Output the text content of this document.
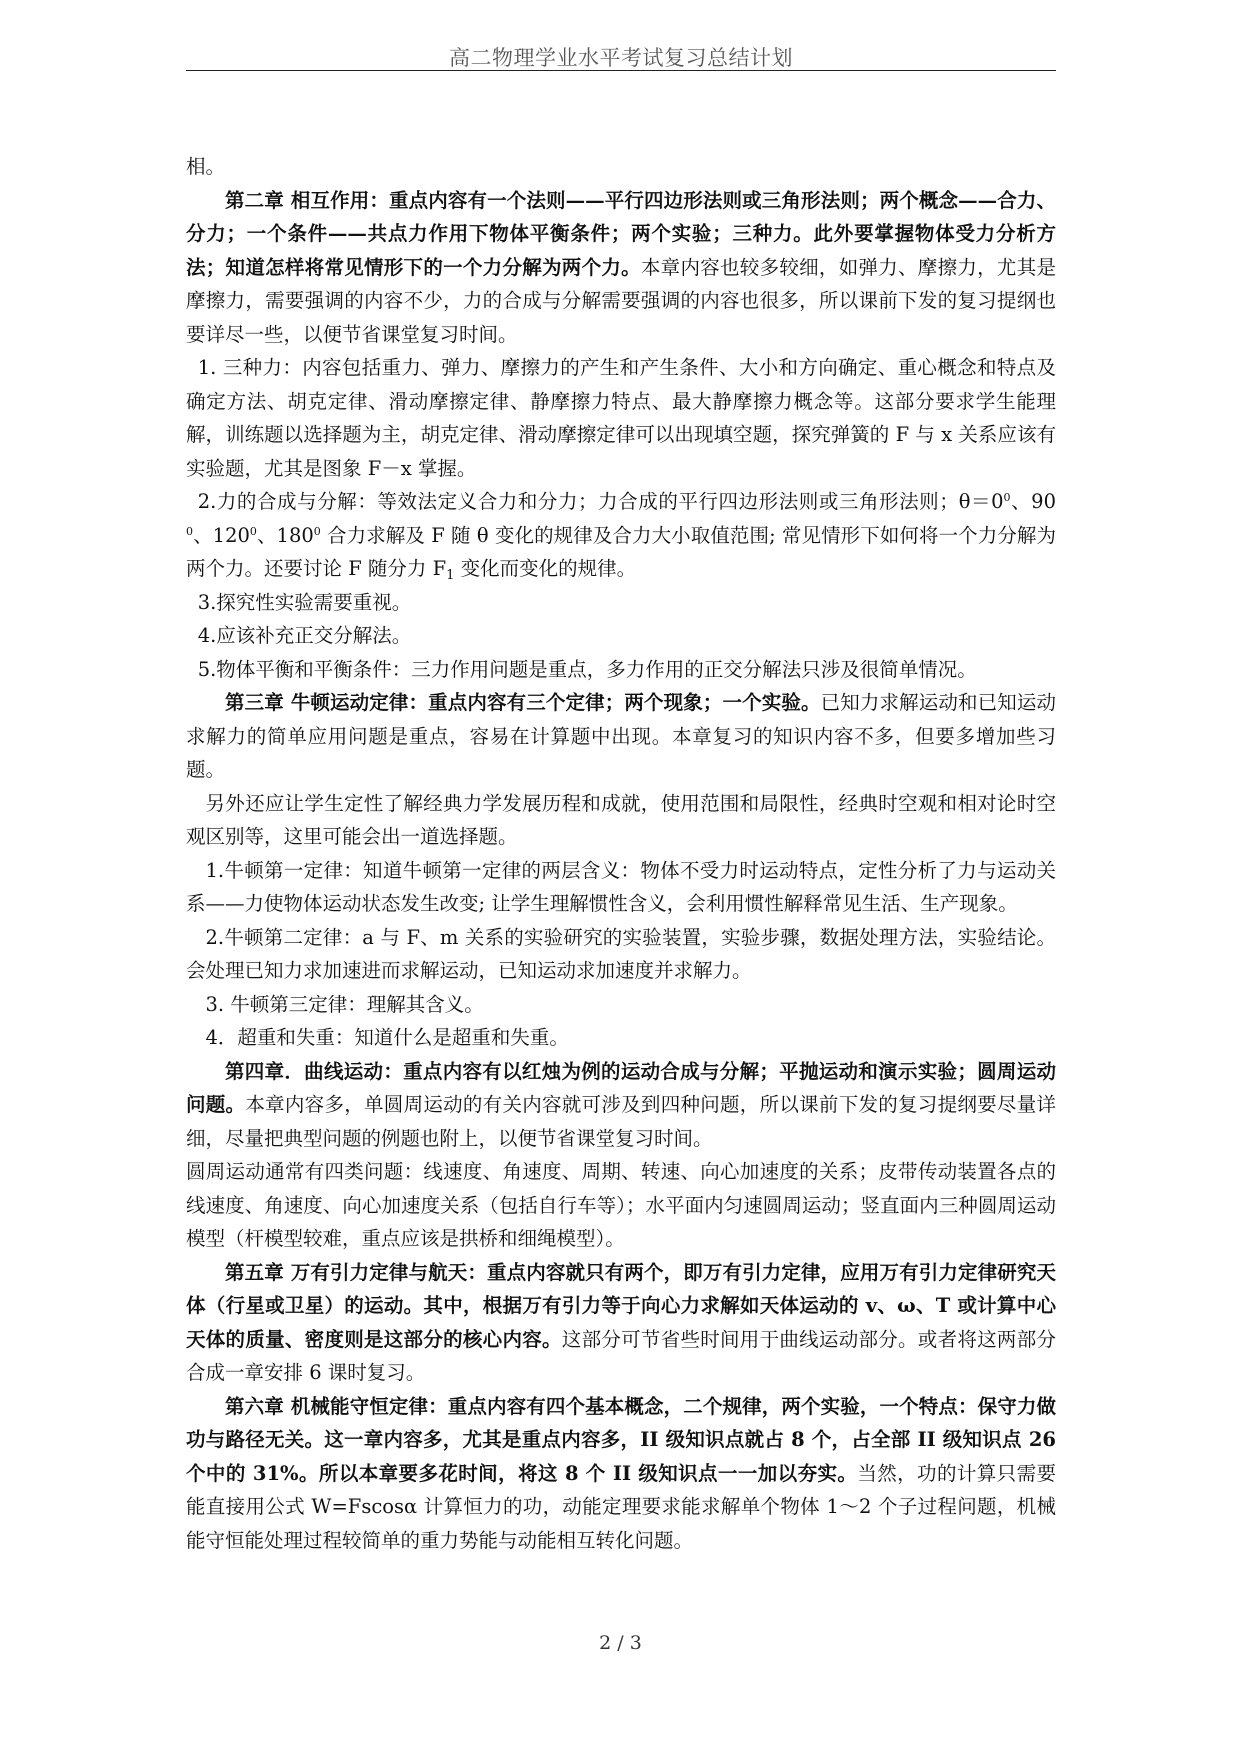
高二物理学业水平考试复习总结计划

相。

第二章 相互作用：重点内容有一个法则——平行四边形法则或三角形法则；两个概念——合力、分力；一个条件——共点力作用下物体平衡条件；两个实验；三种力。此外要掌握物体受力分析方法；知道怎样将常见情形下的一个力分解为两个力。本章内容也较多较细，如弹力、摩擦力，尤其是摩擦力，需要强调的内容不少，力的合成与分解需要强调的内容也很多，所以课前下发的复习提纲也要详尽一些，以便节省课堂复习时间。

1. 三种力：内容包括重力、弹力、摩擦力的产生和产生条件、大小和方向确定、重心概念和特点及确定方法、胡克定律、滑动摩擦定律、静摩擦力特点、最大静摩擦力概念等。这部分要求学生能理解，训练题以选择题为主，胡克定律、滑动摩擦定律可以出现填空题，探究弹簧的 F 与 x 关系应该有实验题，尤其是图象 F－x 掌握。

2.力的合成与分解：等效法定义合力和分力；力合成的平行四边形法则或三角形法则；$\theta=0^0$、$90^0$、$120^0$、$180^0$ 合力求解及 F 随 θ 变化的规律及合力大小取值范围; 常见情形下如何将一个力分解为两个力。还要讨论 F 随分力 $F_1$ 变化而变化的规律。

3.探究性实验需要重视。

4.应该补充正交分解法。

5.物体平衡和平衡条件：三力作用问题是重点，多力作用的正交分解法只涉及很简单情况。

第三章 牛顿运动定律：重点内容有三个定律；两个现象；一个实验。已知力求解运动和已知运动求解力的简单应用问题是重点，容易在计算题中出现。本章复习的知识内容不多，但要多增加些习题。

另外还应让学生定性了解经典力学发展历程和成就，使用范围和局限性，经典时空观和相对论时空观区别等，这里可能会出一道选择题。

1.牛顿第一定律：知道牛顿第一定律的两层含义：物体不受力时运动特点，定性分析了力与运动关系——力使物体运动状态发生改变; 让学生理解惯性含义，会利用惯性解释常见生活、生产现象。

2.牛顿第二定律：a 与 F、m 关系的实验研究的实验装置，实验步骤，数据处理方法，实验结论。会处理已知力求加速进而求解运动，已知运动求加速度并求解力。

3. 牛顿第三定律：理解其含义。

4．超重和失重：知道什么是超重和失重。

第四章．曲线运动：重点内容有以红烛为例的运动合成与分解；平抛运动和演示实验；圆周运动问题。本章内容多，单圆周运动的有关内容就可涉及到四种问题，所以课前下发的复习提纲要尽量详细，尽量把典型问题的例题也附上，以便节省课堂复习时间。

圆周运动通常有四类问题：线速度、角速度、周期、转速、向心加速度的关系；皮带传动装置各点的线速度、角速度、向心加速度关系（包括自行车等）；水平面内匀速圆周运动；竖直面内三种圆周运动模型（杆模型较难，重点应该是拱桥和细绳模型）。

第五章 万有引力定律与航天：重点内容就只有两个，即万有引力定律，应用万有引力定律研究天体（行星或卫星）的运动。其中，根据万有引力等于向心力求解如天体运动的 v、ω、T 或计算中心天体的质量、密度则是这部分的核心内容。这部分可节省些时间用于曲线运动部分。或者将这两部分合成一章安排 6 课时复习。

第六章 机械能守恒定律：重点内容有四个基本概念，二个规律，两个实验，一个特点：保守力做功与路径无关。这一章内容多，尤其是重点内容多，II 级知识点就占 8 个，占全部 II 级知识点 26 个中的 31%。所以本章要多花时间，将这 8 个 II 级知识点一一加以夯实。当然，功的计算只需要能直接用公式 W=Fscosα 计算恒力的功，动能定理要求能求解单个物体 1～2 个子过程问题，机械能守恒能处理过程较简单的重力势能与动能相互转化问题。

2 / 3
